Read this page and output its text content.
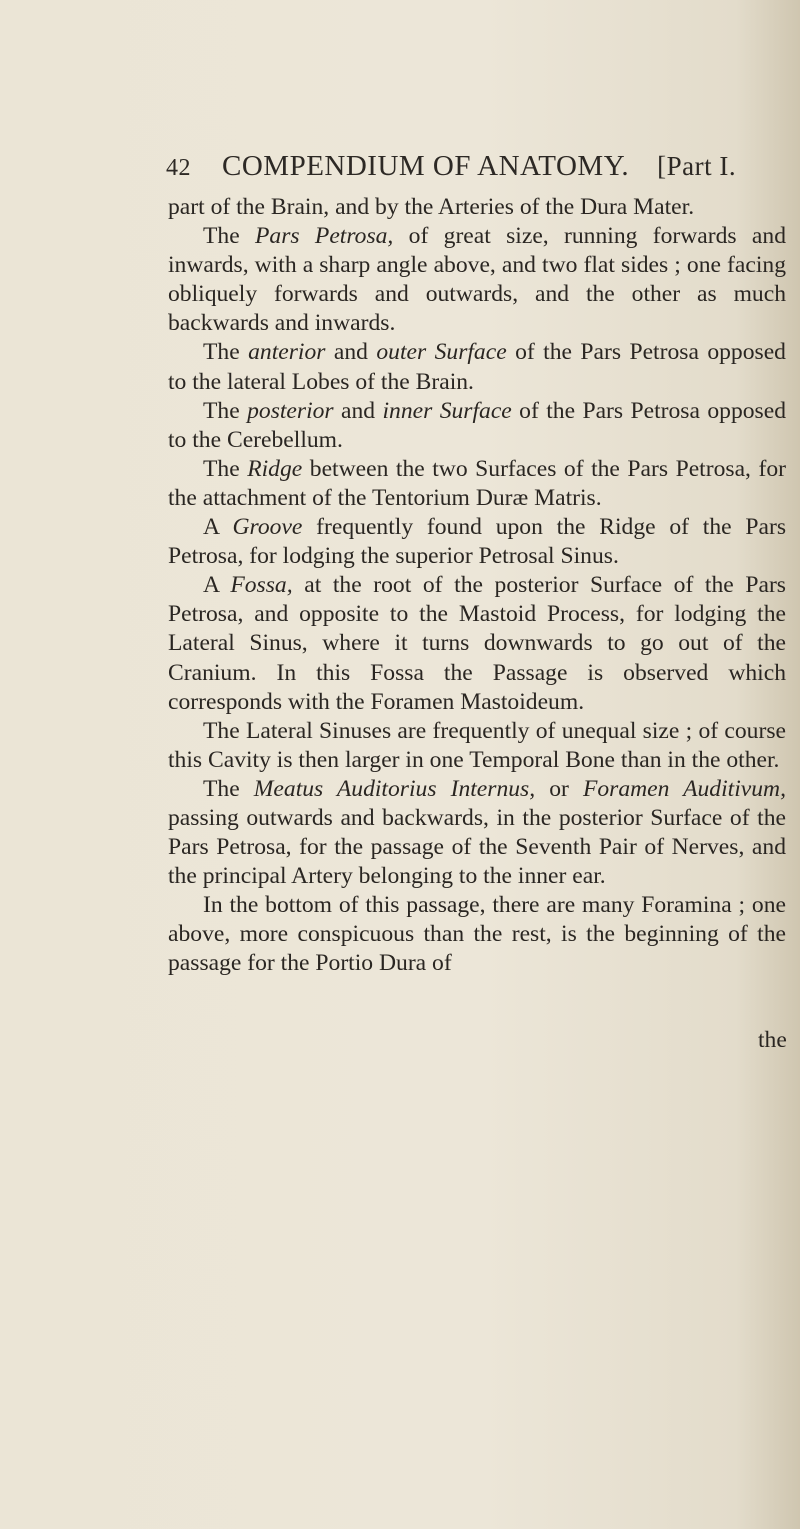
42 COMPENDIUM OF ANATOMY. [Part I.

part of the Brain, and by the Arteries of the Dura Mater.

The Pars Petrosa, of great size, running forwards and inwards, with a sharp angle above, and two flat sides ; one facing obliquely forwards and outwards, and the other as much backwards and inwards.

The anterior and outer Surface of the Pars Petrosa opposed to the lateral Lobes of the Brain.

The posterior and inner Surface of the Pars Petrosa opposed to the Cerebellum.

The Ridge between the two Surfaces of the Pars Petrosa, for the attachment of the Tentorium Duræ Matris.

A Groove frequently found upon the Ridge of the Pars Petrosa, for lodging the superior Petrosal Sinus.

A Fossa, at the root of the posterior Surface of the Pars Petrosa, and opposite to the Mastoid Process, for lodging the Lateral Sinus, where it turns downwards to go out of the Cranium. In this Fossa the Passage is observed which corresponds with the Foramen Mastoideum.

The Lateral Sinuses are frequently of unequal size ; of course this Cavity is then larger in one Temporal Bone than in the other.

The Meatus Auditorius Internus, or Foramen Auditivum, passing outwards and backwards, in the posterior Surface of the Pars Petrosa, for the passage of the Seventh Pair of Nerves, and the principal Artery belonging to the inner ear.

In the bottom of this passage, there are many Foramina ; one above, more conspicuous than the rest, is the beginning of the passage for the Portio Dura of

the
